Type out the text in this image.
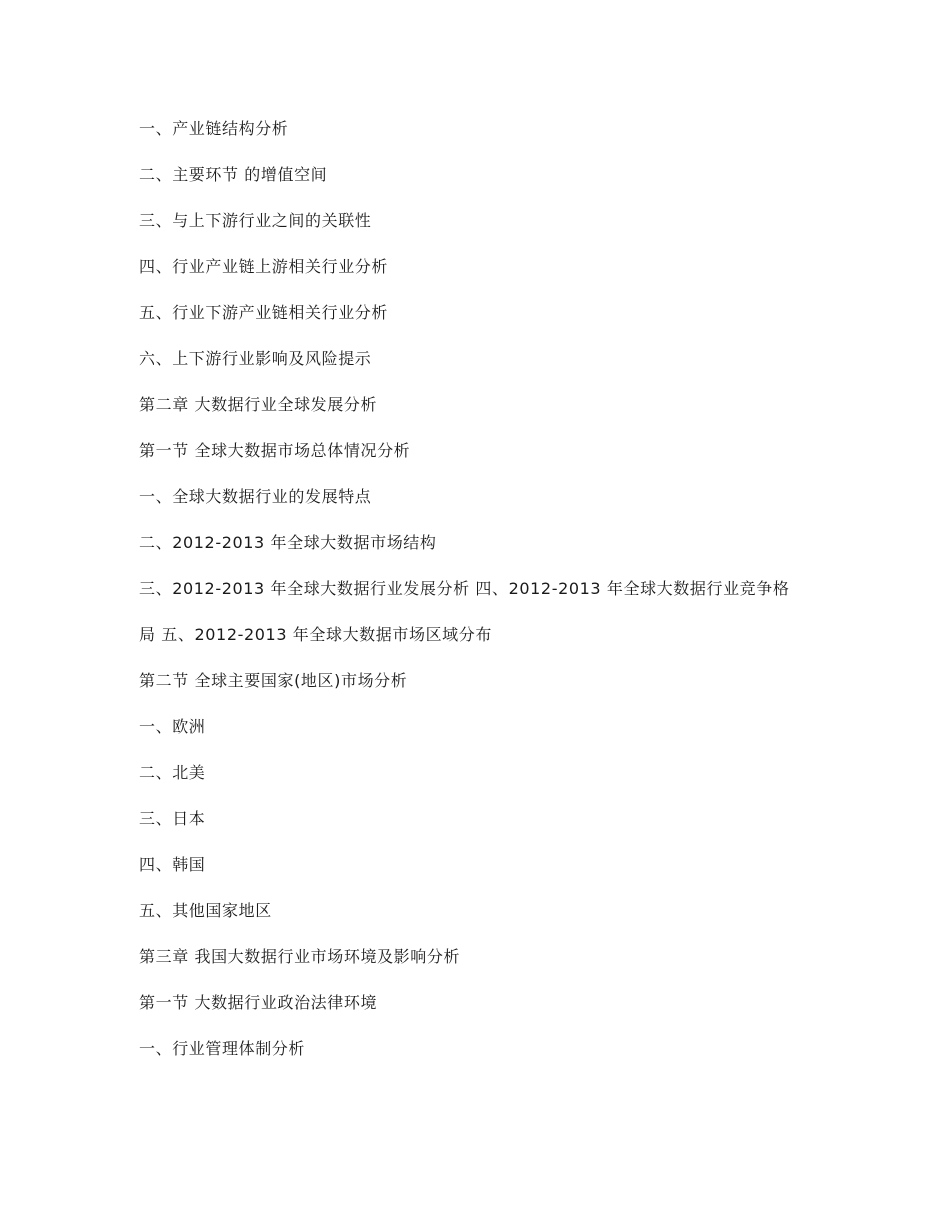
一、产业链结构分析
二、主要环节 的增值空间
三、与上下游行业之间的关联性
四、行业产业链上游相关行业分析
五、行业下游产业链相关行业分析
六、上下游行业影响及风险提示
第二章 大数据行业全球发展分析
第一节 全球大数据市场总体情况分析
一、全球大数据行业的发展特点
二、2012-2013 年全球大数据市场结构
三、2012-2013 年全球大数据行业发展分析 四、2012-2013 年全球大数据行业竞争格
局 五、2012-2013 年全球大数据市场区域分布
第二节 全球主要国家(地区)市场分析
一、欧洲
二、北美
三、日本
四、韩国
五、其他国家地区
第三章 我国大数据行业市场环境及影响分析
第一节 大数据行业政治法律环境
一、行业管理体制分析
